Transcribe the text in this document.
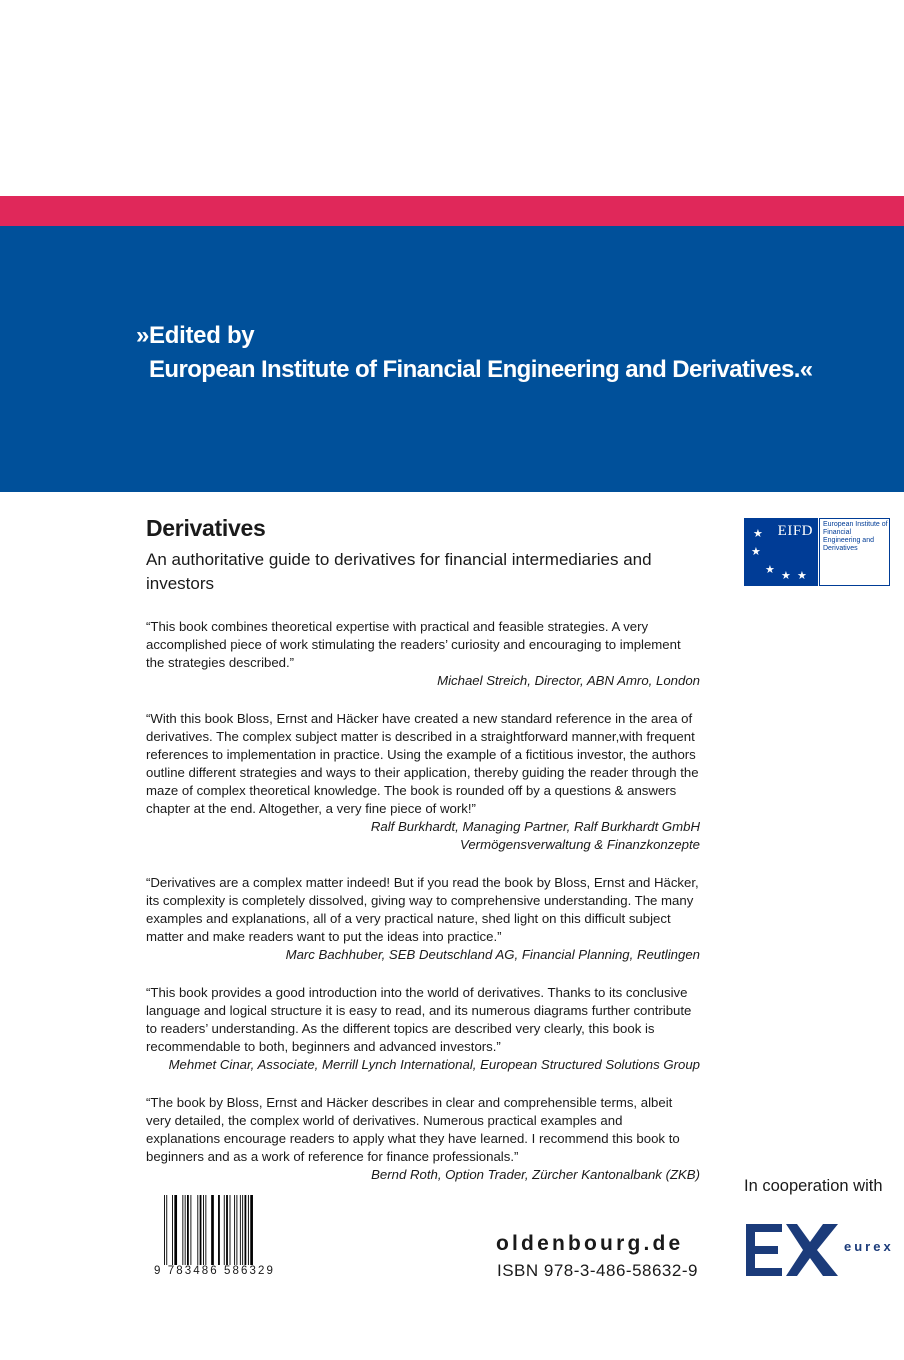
»Edited by
European Institute of Financial Engineering and Derivatives.«
Derivatives
An authoritative guide to derivatives for financial intermediaries and investors
EIFD
★
★
★ ★ ★
European Institute of Financial Engineering and Derivatives
“This book combines theoretical expertise with practical and feasible strategies. A very accomplished piece of work stimulating the readers’ curiosity and encouraging to implement the strategies described.”
Michael Streich, Director, ABN Amro, London
“With this book Bloss, Ernst and Häcker have created a new standard reference in the area of derivatives. The complex subject matter is described in a straightforward manner,with frequent references to implementation in practice. Using the example of a fictitious investor, the authors outline different strategies and ways to their application, thereby guiding the reader through the maze of complex theoretical knowledge. The book is rounded off by a questions & answers chapter at the end. Altogether, a very fine piece of work!”
Ralf Burkhardt, Managing Partner, Ralf Burkhardt GmbH
Vermögensverwaltung & Finanzkonzepte
“Derivatives are a complex matter indeed! But if you read the book by Bloss, Ernst and Häcker, its complexity is completely dissolved, giving way to comprehensive understanding. The many examples and explanations, all of a very practical nature, shed light on this difficult subject matter and make readers want to put the ideas into practice.”
Marc Bachhuber, SEB Deutschland AG, Financial Planning, Reutlingen
“This book provides a good introduction into the world of derivatives. Thanks to its conclusive language and logical structure it is easy to read, and its numerous diagrams further contribute to readers’ understanding. As the different topics are described very clearly, this book is recommendable to both, beginners and advanced investors.”
Mehmet Cinar, Associate, Merrill Lynch International, European Structured Solutions Group
“The book by Bloss, Ernst and Häcker describes in clear and comprehensible terms, albeit very detailed, the complex world of derivatives. Numerous practical examples and explanations encourage readers to apply what they have learned. I recommend this book to beginners and as a work of reference for finance professionals.”
Bernd Roth, Option Trader, Zürcher Kantonalbank (ZKB)
In cooperation with
eurex
9 783486 586329
oldenbourg.de
ISBN 978-3-486-58632-9
